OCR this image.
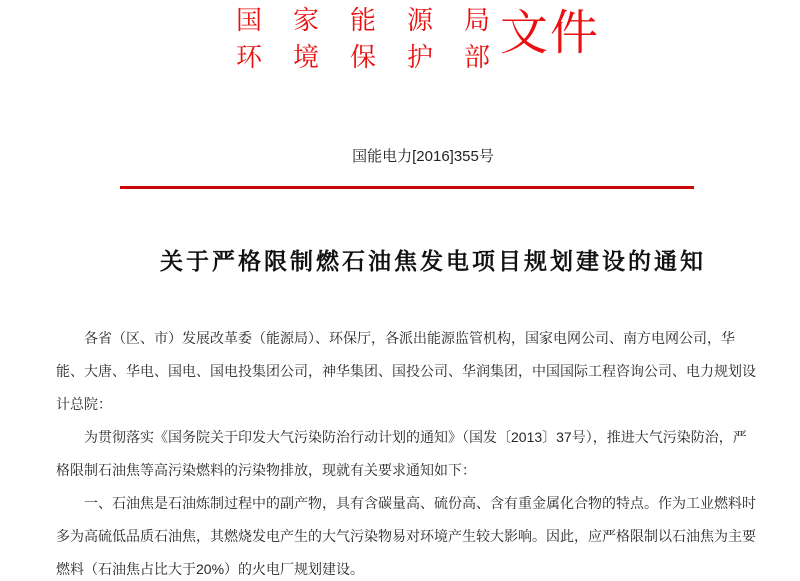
国家能源局
环境保护部
文件
国能电力[2016]355号
关于严格限制燃石油焦发电项目规划建设的通知

各省（区、市）发展改革委（能源局）、环保厅，各派出能源监管机构，国家电网公司、南方电网公司，华
能、大唐、华电、国电、国电投集团公司，神华集团、国投公司、华润集团，中国国际工程咨询公司、电力规划设
计总院：

为贯彻落实《国务院关于印发大气污染防治行动计划的通知》（国发〔2013〕37号），推进大气污染防治，严
格限制石油焦等高污染燃料的污染物排放，现就有关要求通知如下：

一、石油焦是石油炼制过程中的副产物，具有含碳量高、硫份高、含有重金属化合物的特点。作为工业燃料时
多为高硫低品质石油焦，其燃烧发电产生的大气污染物易对环境产生较大影响。因此，应严格限制以石油焦为主要
燃料（石油焦占比大于20%）的火电厂规划建设。
